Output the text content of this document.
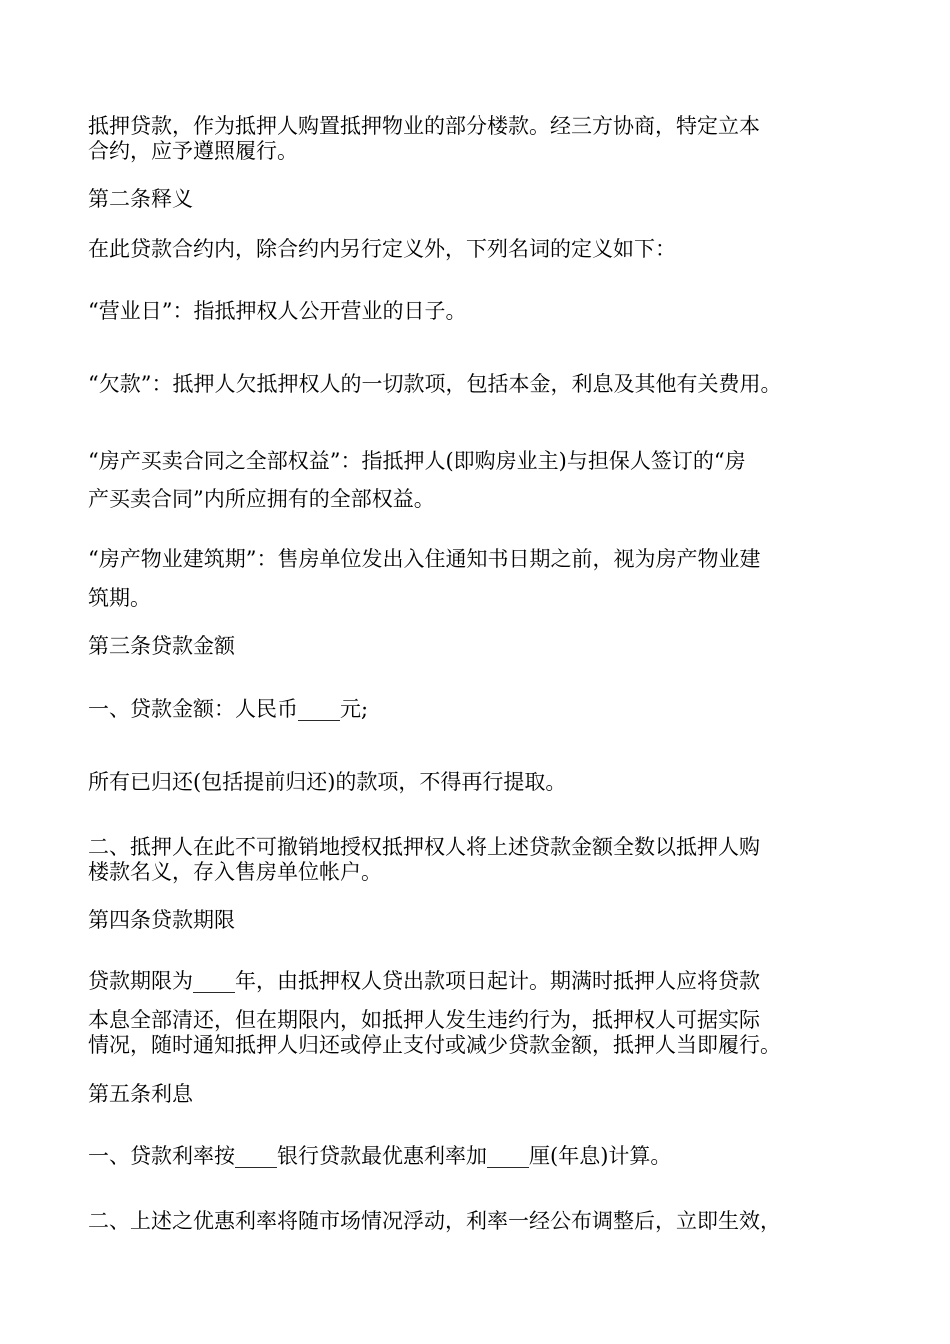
抵押贷款，作为抵押人购置抵押物业的部分楼款。经三方协商，特定立本

合约，应予遵照履行。

第二条释义

在此贷款合约内，除合约内另行定义外，下列名词的定义如下：

“营业日”：指抵押权人公开营业的日子。

“欠款”：抵押人欠抵押权人的一切款项，包括本金，利息及其他有关费用。

“房产买卖合同之全部权益”：指抵押人(即购房业主)与担保人签订的“房

产买卖合同”内所应拥有的全部权益。

“房产物业建筑期”：售房单位发出入住通知书日期之前，视为房产物业建

筑期。

第三条贷款金额

一、贷款金额：人民币____元;

所有已归还(包括提前归还)的款项，不得再行提取。

二、抵押人在此不可撤销地授权抵押权人将上述贷款金额全数以抵押人购

楼款名义，存入售房单位帐户。

第四条贷款期限

贷款期限为____年，由抵押权人贷出款项日起计。期满时抵押人应将贷款

本息全部清还，但在期限内，如抵押人发生违约行为，抵押权人可据实际

情况，随时通知抵押人归还或停止支付或减少贷款金额，抵押人当即履行。

第五条利息

一、贷款利率按____银行贷款最优惠利率加____厘(年息)计算。

二、上述之优惠利率将随市场情况浮动，利率一经公布调整后，立即生效，
